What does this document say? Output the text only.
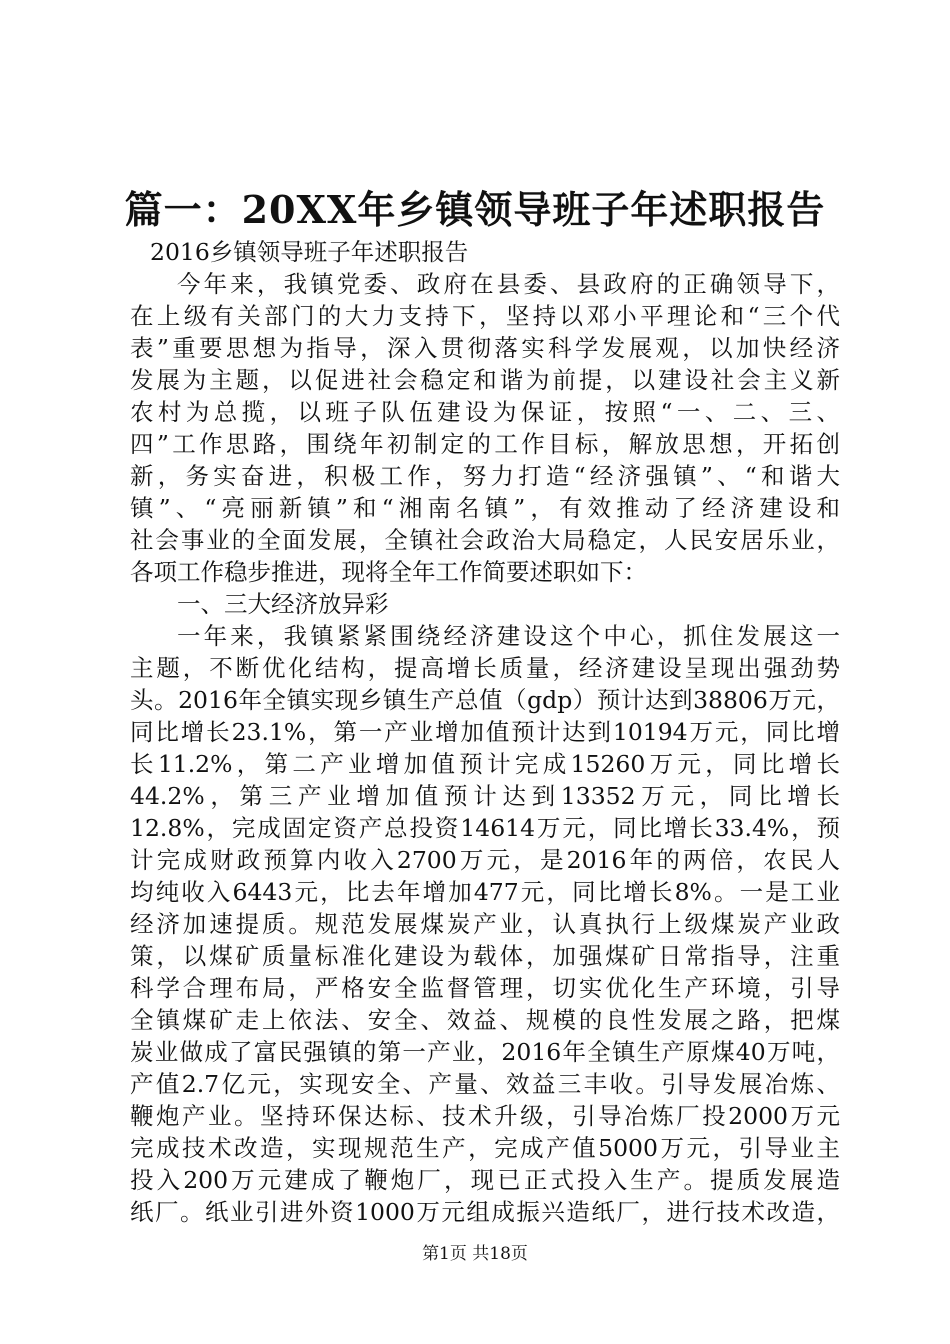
篇一：20XX年乡镇领导班子年述职报告
2016乡镇领导班子年述职报告
今年来，我镇党委、政府在县委、县政府的正确领导下，
在上级有关部门的大力支持下，坚持以邓小平理论和“三个代
表”重要思想为指导，深入贯彻落实科学发展观，以加快经济
发展为主题，以促进社会稳定和谐为前提，以建设社会主义新
农村为总揽，以班子队伍建设为保证，按照“一、二、三、
四”工作思路，围绕年初制定的工作目标，解放思想，开拓创
新，务实奋进，积极工作，努力打造“经济强镇”、“和谐大
镇”、“亮丽新镇”和“湘南名镇”，有效推动了经济建设和
社会事业的全面发展，全镇社会政治大局稳定，人民安居乐业，
各项工作稳步推进，现将全年工作简要述职如下：
一、三大经济放异彩
一年来，我镇紧紧围绕经济建设这个中心，抓住发展这一
主题，不断优化结构，提高增长质量，经济建设呈现出强劲势
头。2016年全镇实现乡镇生产总值（gdp）预计达到38806万元，
同比增长23.1%，第一产业增加值预计达到10194万元，同比增
长11.2%，第二产业增加值预计完成15260万元，同比增长
44.2%，第三产业增加值预计达到13352万元，同比增长
12.8%，完成固定资产总投资14614万元，同比增长33.4%，预
计完成财政预算内收入2700万元，是2016年的两倍，农民人
均纯收入6443元，比去年增加477元，同比增长8%。一是工业
经济加速提质。规范发展煤炭产业，认真执行上级煤炭产业政
策，以煤矿质量标准化建设为载体，加强煤矿日常指导，注重
科学合理布局，严格安全监督管理，切实优化生产环境，引导
全镇煤矿走上依法、安全、效益、规模的良性发展之路，把煤
炭业做成了富民强镇的第一产业，2016年全镇生产原煤40万吨，
产值2.7亿元，实现安全、产量、效益三丰收。引导发展冶炼、
鞭炮产业。坚持环保达标、技术升级，引导冶炼厂投2000万元
完成技术改造，实现规范生产，完成产值5000万元，引导业主
投入200万元建成了鞭炮厂，现已正式投入生产。提质发展造
纸厂。纸业引进外资1000万元组成振兴造纸厂，进行技术改造，
第1页 共18页
